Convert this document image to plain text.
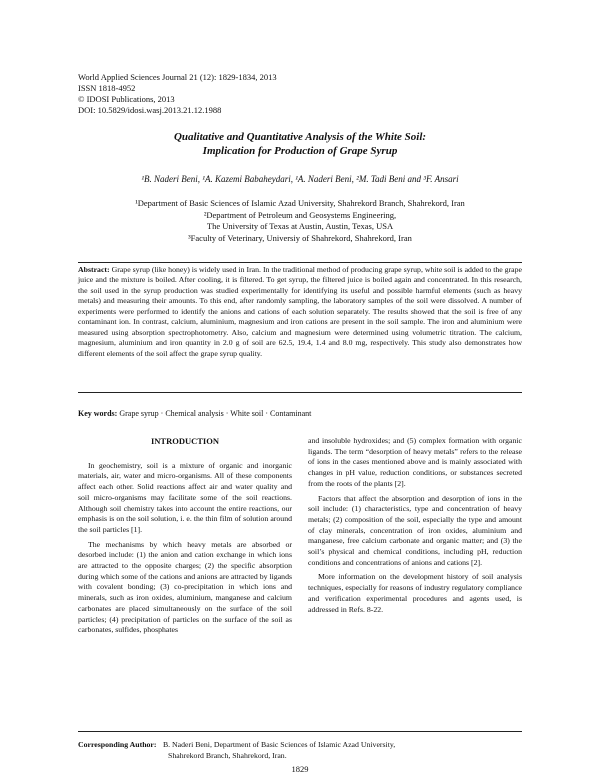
World Applied Sciences Journal 21 (12): 1829-1834, 2013
ISSN 1818-4952
© IDOSI Publications, 2013
DOI: 10.5829/idosi.wasj.2013.21.12.1988
Qualitative and Quantitative Analysis of the White Soil:
Implication for Production of Grape Syrup
¹B. Naderi Beni, ¹A. Kazemi Babaheydari, ¹A. Naderi Beni, ²M. Tadi Beni and ³F. Ansari
¹Department of Basic Sciences of Islamic Azad University, Shahrekord Branch, Shahrekord, Iran
²Department of Petroleum and Geosystems Engineering,
The University of Texas at Austin, Austin, Texas, USA
³Faculty of Veterinary, Universiy of Shahrekord, Shahrekord, Iran
Abstract: Grape syrup (like honey) is widely used in Iran. In the traditional method of producing grape syrup, white soil is added to the grape juice and the mixture is boiled. After cooling, it is filtered. To get syrup, the filtered juice is boiled again and concentrated. In this research, the soil used in the syrup production was studied experimentally for identifying its useful and possible harmful elements (such as heavy metals) and measuring their amounts. To this end, after randomly sampling, the laboratory samples of the soil were dissolved. A number of experiments were performed to identify the anions and cations of each solution separately. The results showed that the soil is free of any contaminant ion. In contrast, calcium, aluminium, magnesium and iron cations are present in the soil sample. The iron and aluminium were measured using absorption spectrophotometry. Also, calcium and magnesium were determined using volumetric titration. The calcium, magnesium, aluminium and iron quantity in 2.0 g of soil are 62.5, 19.4, 1.4 and 8.0 mg, respectively. This study also demonstrates how different elements of the soil affect the grape syrup quality.
Key words: Grape syrup · Chemical analysis · White soil · Contaminant
INTRODUCTION

In geochemistry, soil is a mixture of organic and inorganic materials, air, water and micro-organisms. All of these components affect each other. Solid reactions affect air and water quality and soil micro-organisms may facilitate some of the soil reactions. Although soil chemistry takes into account the entire reactions, our emphasis is on the soil solution, i. e. the thin film of solution around the soil particles [1].

The mechanisms by which heavy metals are absorbed or desorbed include: (1) the anion and cation exchange in which ions are attracted to the opposite charges; (2) the specific absorption during which some of the cations and anions are attracted by ligands with covalent bonding; (3) co-precipitation in which ions and minerals, such as iron oxides, aluminium, manganese and calcium carbonates are placed simultaneously on the surface of the soil particles; (4) precipitation of particles on the surface of the soil as carbonates, sulfides, phosphates

and insoluble hydroxides; and (5) complex formation with organic ligands. The term “desorption of heavy metals” refers to the release of ions in the cases mentioned above and is mainly associated with changes in pH value, reduction conditions, or substances secreted from the roots of the plants [2].

Factors that affect the absorption and desorption of ions in the soil include: (1) characteristics, type and concentration of heavy metals; (2) composition of the soil, especially the type and amount of clay minerals, concentration of iron oxides, aluminium and manganese, free calcium carbonate and organic matter; and (3) the soil’s physical and chemical conditions, including pH, reduction conditions and concentrations of anions and cations [2].

More information on the development history of soil analysis techniques, especially for reasons of industry regulatory compliance and verification experimental procedures and agents used, is addressed in Refs. 8-22.

Corresponding Author: B. Naderi Beni, Department of Basic Sciences of Islamic Azad University,
Shahrekord Branch, Shahrekord, Iran.
1829
